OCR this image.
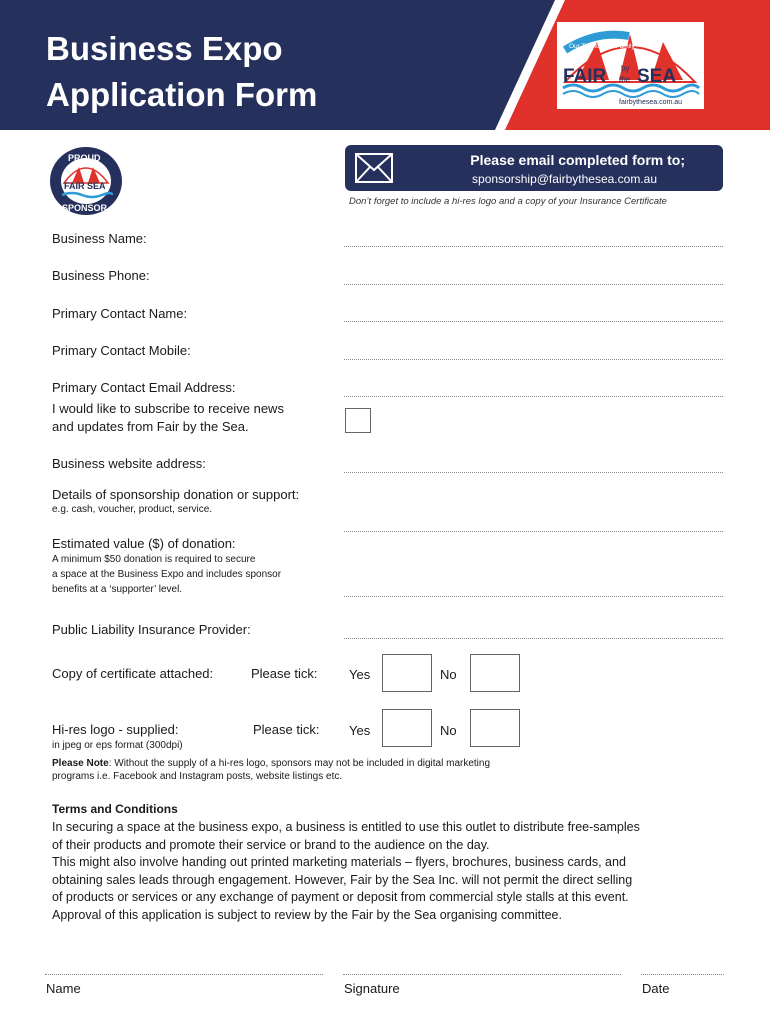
Business Expo
Application Form
Our Tradition of Family
FAIR by
the SEA
fairbythesea.com.au
PROUD
FAIR SEA
SPONSOR
Please email completed form to;
sponsorship@fairbythesea.com.au
Don’t forget to include a hi-res logo and a copy of your Insurance Certificate
Business Name:
Business Phone:
Primary Contact Name:
Primary Contact Mobile:
Primary Contact Email Address:
I would like to subscribe to receive news
and updates from Fair by the Sea.
Business website address:
Details of sponsorship donation or support:
e.g. cash, voucher, product, service.
Estimated value ($) of donation:
A minimum $50 donation is required to secure
a space at the Business Expo and includes sponsor
benefits at a ‘supporter’ level.
Public Liability Insurance Provider:
Copy of certificate attached:	Please tick: Yes	No
Hi-res logo - supplied:
in jpeg or eps format (300dpi)
Please tick: Yes	No
Please Note: Without the supply of a hi-res logo, sponsors may not be included in digital marketing programs i.e. Facebook and Instagram posts, website listings etc.
Terms and Conditions
In securing a space at the business expo, a business is entitled to use this outlet to distribute free-samples
of their products and promote their service or brand to the audience on the day.
This might also involve handing out printed marketing materials – flyers, brochures, business cards, and
obtaining sales leads through engagement. However, Fair by the Sea Inc. will not permit the direct selling
of products or services or any exchange of payment or deposit from commercial style stalls at this event.
Approval of this application is subject to review by the Fair by the Sea organising committee.
Name	Signature	Date
